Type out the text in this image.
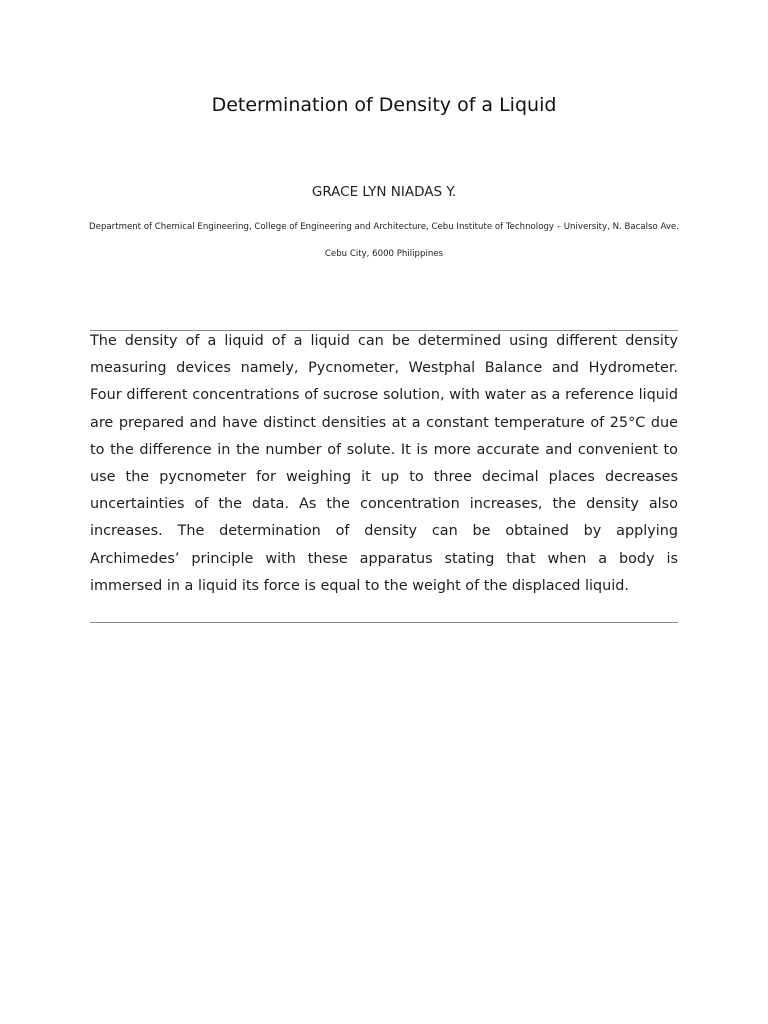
Determination of Density of a Liquid
GRACE LYN NIADAS Y.
Department of Chemical Engineering, College of Engineering and Architecture, Cebu Institute of Technology – University, N. Bacalso Ave. Cebu City, 6000 Philippines

The density of a liquid of a liquid can be determined using different density measuring devices namely, Pycnometer, Westphal Balance and Hydrometer. Four different concentrations of sucrose solution, with water as a reference liquid are prepared and have distinct densities at a constant temperature of 25°C due to the difference in the number of solute. It is more accurate and convenient to use the pycnometer for weighing it up to three decimal places decreases uncertainties of the data. As the concentration increases, the density also increases. The determination of density can be obtained by applying Archimedes’ principle with these apparatus stating that when a body is immersed in a liquid its force is equal to the weight of the displaced liquid.
